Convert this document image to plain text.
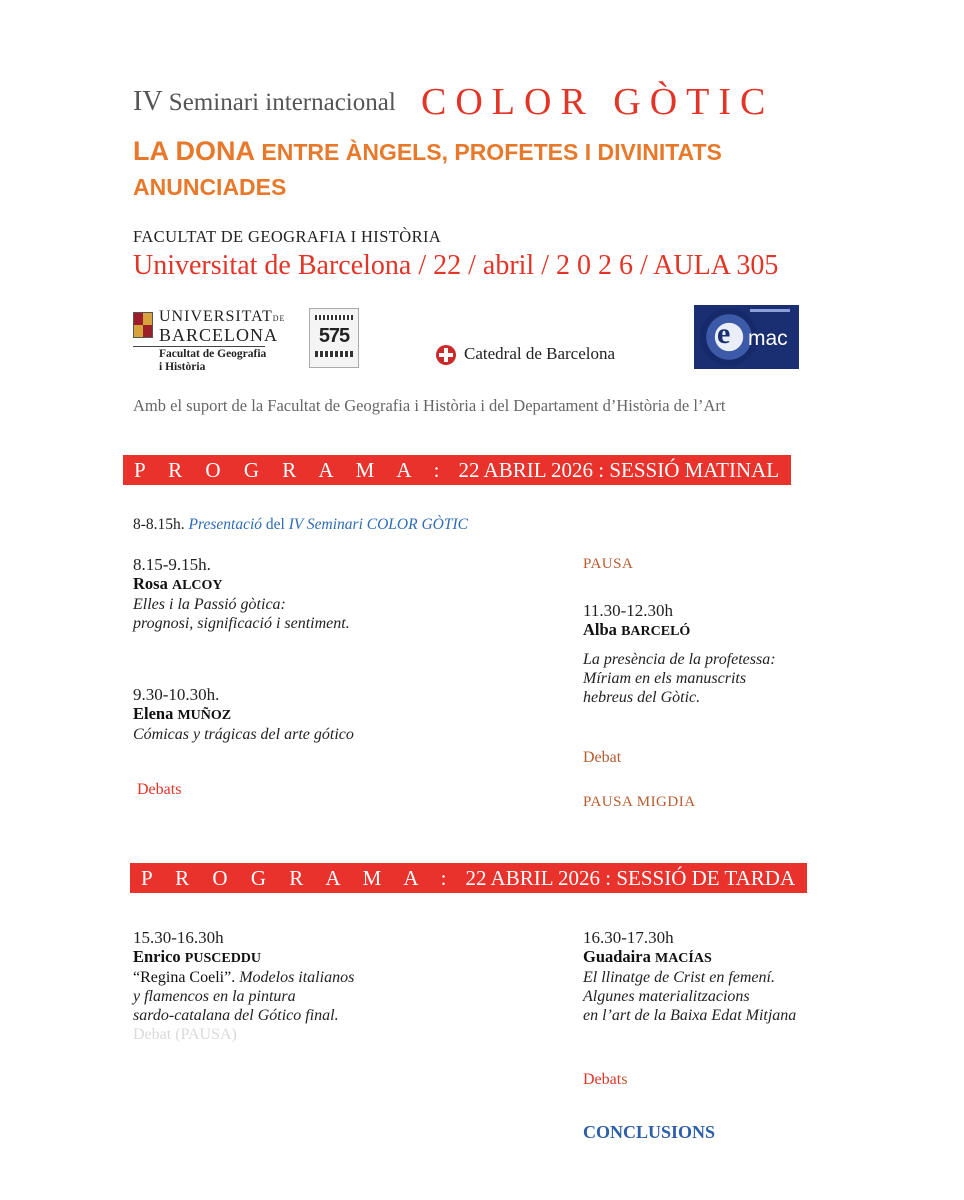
IV Seminari internacional COLOR GÒTIC
LA DONA ENTRE ÀNGELS, PROFETES I DIVINITATS
ANUNCIADES
FACULTAT DE GEOGRAFIA I HISTÒRIA
Universitat de Barcelona / 22 / abril / 2 0 2 6 / AULA 305
UNIVERSITATDE
BARCELONA
Facultat de Geografia i Història
575
Catedral de Barcelona
e mac
Amb el suport de la Facultat de Geografia i Història i del Departament d’Història de l’Art
P R O G R A M A : 22 ABRIL 2026 : SESSIÓ MATINAL
8-8.15h. Presentació del IV Seminari COLOR GÒTIC
8.15-9.15h.
Rosa ALCOY
Elles i la Passió gòtica:
prognosi, significació i sentiment.
9.30-10.30h.
Elena MUÑOZ
Cómicas y trágicas del arte gótico
Debats
PAUSA
11.30-12.30h
Alba BARCELÓ
La presència de la profetessa:
Míriam en els manuscrits
hebreus del Gòtic.
Debat
PAUSA MIGDIA
P R O G R A M A : 22 ABRIL 2026 : SESSIÓ DE TARDA
15.30-16.30h
Enrico PUSCEDDU
“Regina Coeli”. Modelos italianos
y flamencos en la pintura
sardo-catalana del Gótico final.
Debat (PAUSA)
16.30-17.30h
Guadaira MACÍAS
El llinatge de Crist en femení.
Algunes materialitzacions
en l’art de la Baixa Edat Mitjana
Debats
CONCLUSIONS
